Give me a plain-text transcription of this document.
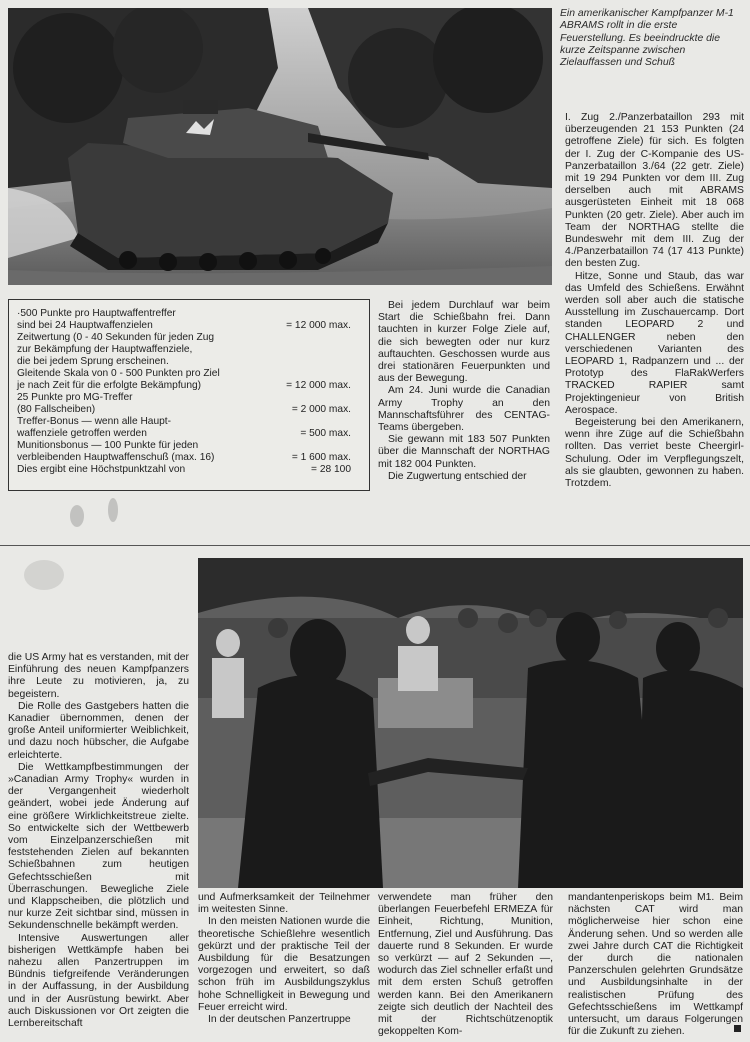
Ein amerikanischer Kampfpanzer M-1 ABRAMS rollt in die erste Feuerstellung. Es beeindruckte die kurze Zeitspanne zwischen Zielauffassen und Schuß

I. Zug 2./Panzerbataillon 293 mit überzeugenden 21 153 Punkten (24 getroffene Ziele) für sich. Es folgten der I. Zug der C-Kompanie des US-Panzerbataillon 3./64 (22 getr. Ziele) mit 19 294 Punkten vor dem III. Zug derselben auch mit ABRAMS ausgerüsteten Einheit mit 18 068 Punkten (20 getr. Ziele). Aber auch im Team der NORTHAG stellte die Bundeswehr mit dem III. Zug der 4./Panzerbataillon 74 (17 413 Punkte) den besten Zug.

Hitze, Sonne und Staub, das war das Umfeld des Schießens. Erwähnt werden soll aber auch die statische Ausstellung im Zuschauercamp. Dort standen LEOPARD 2 und CHALLENGER neben den verschiedenen Varianten des LEOPARD 1, Radpanzern und ... der Prototyp des FlaRakWerfers TRACKED RAPIER samt Projektingenieur von British Aerospace.

Begeisterung bei den Amerikanern, wenn ihre Züge auf die Schießbahn rollten. Das verriet beste Cheergirl-Schulung. Oder im Verpflegungszelt, als sie glaubten, gewonnen zu haben. Trotzdem.

·500 Punkte pro Hauptwaffentreffer
sind bei 24 Hauptwaffenzielen	= 12 000 max.
Zeitwertung (0 - 40 Sekunden für jeden Zug
zur Bekämpfung der Hauptwaffenziele,
die bei jedem Sprung erscheinen.
Gleitende Skala von 0 - 500 Punkten pro Ziel
je nach Zeit für die erfolgte Bekämpfung)	= 12 000 max.
25 Punkte pro MG-Treffer
(80 Fallscheiben)	= 2 000 max.
Treffer-Bonus — wenn alle Haupt-
waffenziele getroffen werden	= 500 max.
Munitionsbonus — 100 Punkte für jeden
verbleibenden Hauptwaffenschuß (max. 16)	= 1 600 max.
Dies ergibt eine Höchstpunktzahl von	= 28 100

Bei jedem Durchlauf war beim Start die Schießbahn frei. Dann tauchten in kurzer Folge Ziele auf, die sich bewegten oder nur kurz auftauchten. Geschossen wurde aus drei stationären Feuerpunkten und aus der Bewegung.

Am 24. Juni wurde die Canadian Army Trophy an den Mannschaftsführer des CENTAG-Teams übergeben.

Sie gewann mit 183 507 Punkten über die Mannschaft der NORTHAG mit 182 004 Punkten.

Die Zugwertung entschied der

die US Army hat es verstanden, mit der Einführung des neuen Kampfpanzers ihre Leute zu motivieren, ja, zu begeistern.

Die Rolle des Gastgebers hatten die Kanadier übernommen, denen der große Anteil uniformierter Weiblichkeit, und dazu noch hübscher, die Aufgabe erleichterte.

Die Wettkampfbestimmungen der »Canadian Army Trophy« wurden in der Vergangenheit wiederholt geändert, wobei jede Änderung auf eine größere Wirklichkeitstreue zielte. So entwickelte sich der Wettbewerb vom Einzelpanzerschießen mit feststehenden Zielen auf bekannten Schießbahnen zum heutigen Gefechtsschießen mit Überraschungen. Bewegliche Ziele und Klappscheiben, die plötzlich und nur kurze Zeit sichtbar sind, müssen in Sekundenschnelle bekämpft werden.

Intensive Auswertungen aller bisherigen Wettkämpfe haben bei nahezu allen Panzertruppen im Bündnis tiefgreifende Veränderungen in der Auffassung, in der Ausbildung und in der Ausrüstung bewirkt. Aber auch Diskussionen vor Ort zeigten die Lernbereitschaft

und Aufmerksamkeit der Teilnehmer im weitesten Sinne.

In den meisten Nationen wurde die theoretische Schießlehre wesentlich gekürzt und der praktische Teil der Ausbildung für die Besatzungen vorgezogen und erweitert, so daß schon früh im Ausbildungszyklus hohe Schnelligkeit in Bewegung und Feuer erreicht wird.

In der deutschen Panzertruppe

verwendete man früher den überlangen Feuerbefehl ERMEZA für Einheit, Richtung, Munition, Entfernung, Ziel und Ausführung. Das dauerte rund 8 Sekunden. Er wurde so verkürzt — auf 2 Sekunden —, wodurch das Ziel schneller erfaßt und mit dem ersten Schuß getroffen werden kann. Bei den Amerikanern zeigte sich deutlich der Nachteil des mit der Richtschützenoptik gekoppelten Kom-

mandantenperiskops beim M1. Beim nächsten CAT wird man möglicherweise hier schon eine Änderung sehen. Und so werden alle zwei Jahre durch CAT die Richtigkeit der durch die nationalen Panzerschulen gelehrten Grundsätze und Ausbildungsinhalte in der realistischen Prüfung des Gefechtsschießens im Wettkampf untersucht, um daraus Folgerungen für die Zukunft zu ziehen.
